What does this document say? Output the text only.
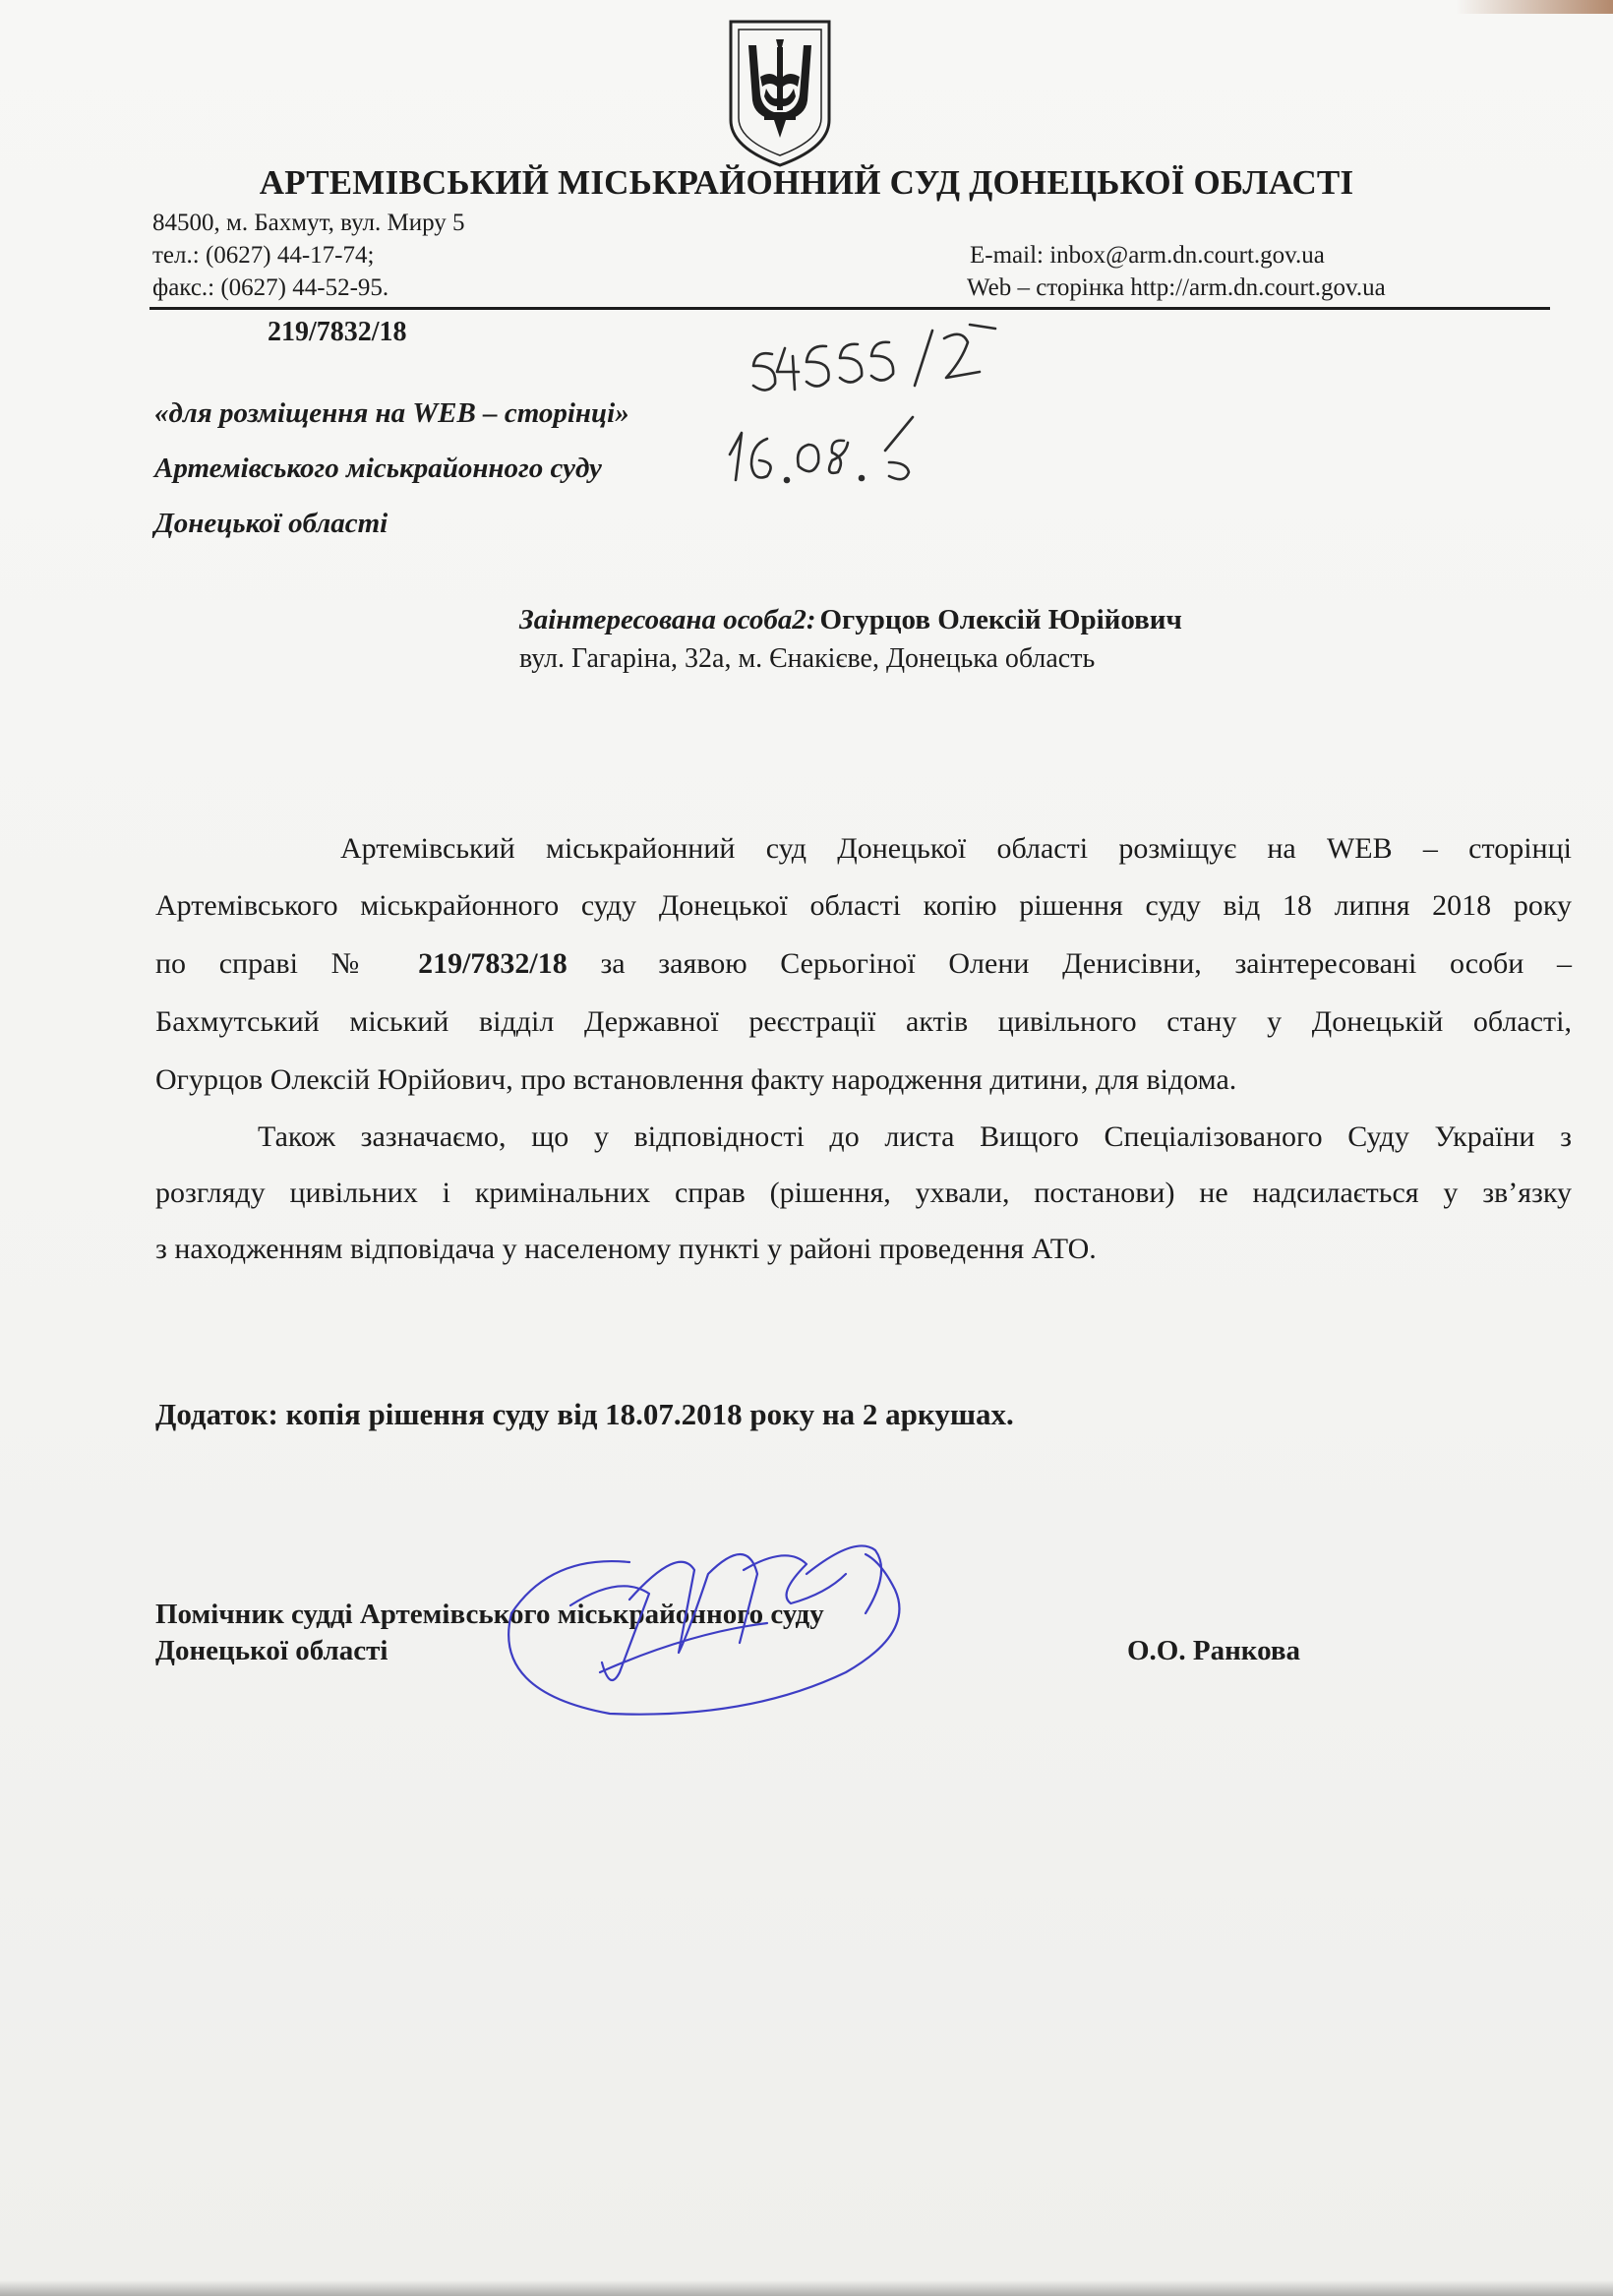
АРТЕМІВСЬКИЙ МІСЬКРАЙОННИЙ СУД ДОНЕЦЬКОЇ ОБЛАСТІ
84500, м. Бахмут, вул. Миру 5
тел.: (0627) 44-17-74;
факс.: (0627) 44-52-95.
E-mail: inbox@arm.dn.court.gov.ua
Web – сторінка http://arm.dn.court.gov.ua
219/7832/18
«для розміщення на WEB – сторінці»
Артемівського міськрайонного суду
Донецької області
Заінтересована особа2: Огурцов Олексій Юрійович
вул. Гагаріна, 32а, м. Єнакієве, Донецька область
Артемівський міськрайонний суд Донецької області розміщує на WEB – сторінці
Артемівського міськрайонного суду Донецької області копію рішення суду від 18 липня 2018 року
по справі № 219/7832/18 за заявою Серьогіної Олени Денисівни, заінтересовані особи –
Бахмутський міський відділ Державної реєстрації актів цивільного стану у Донецькій області,
Огурцов Олексій Юрійович, про встановлення факту народження дитини, для відома.
Також зазначаємо, що у відповідності до листа Вищого Спеціалізованого Суду України з
розгляду цивільних і кримінальних справ (рішення, ухвали, постанови) не надсилається у зв’язку
з находженням відповідача у населеному пункті у районі проведення АТО.
Додаток: копія рішення суду від 18.07.2018 року на 2 аркушах.
Помічник судді Артемівського міськрайонного суду
Донецької області	О.О. Ранкова
